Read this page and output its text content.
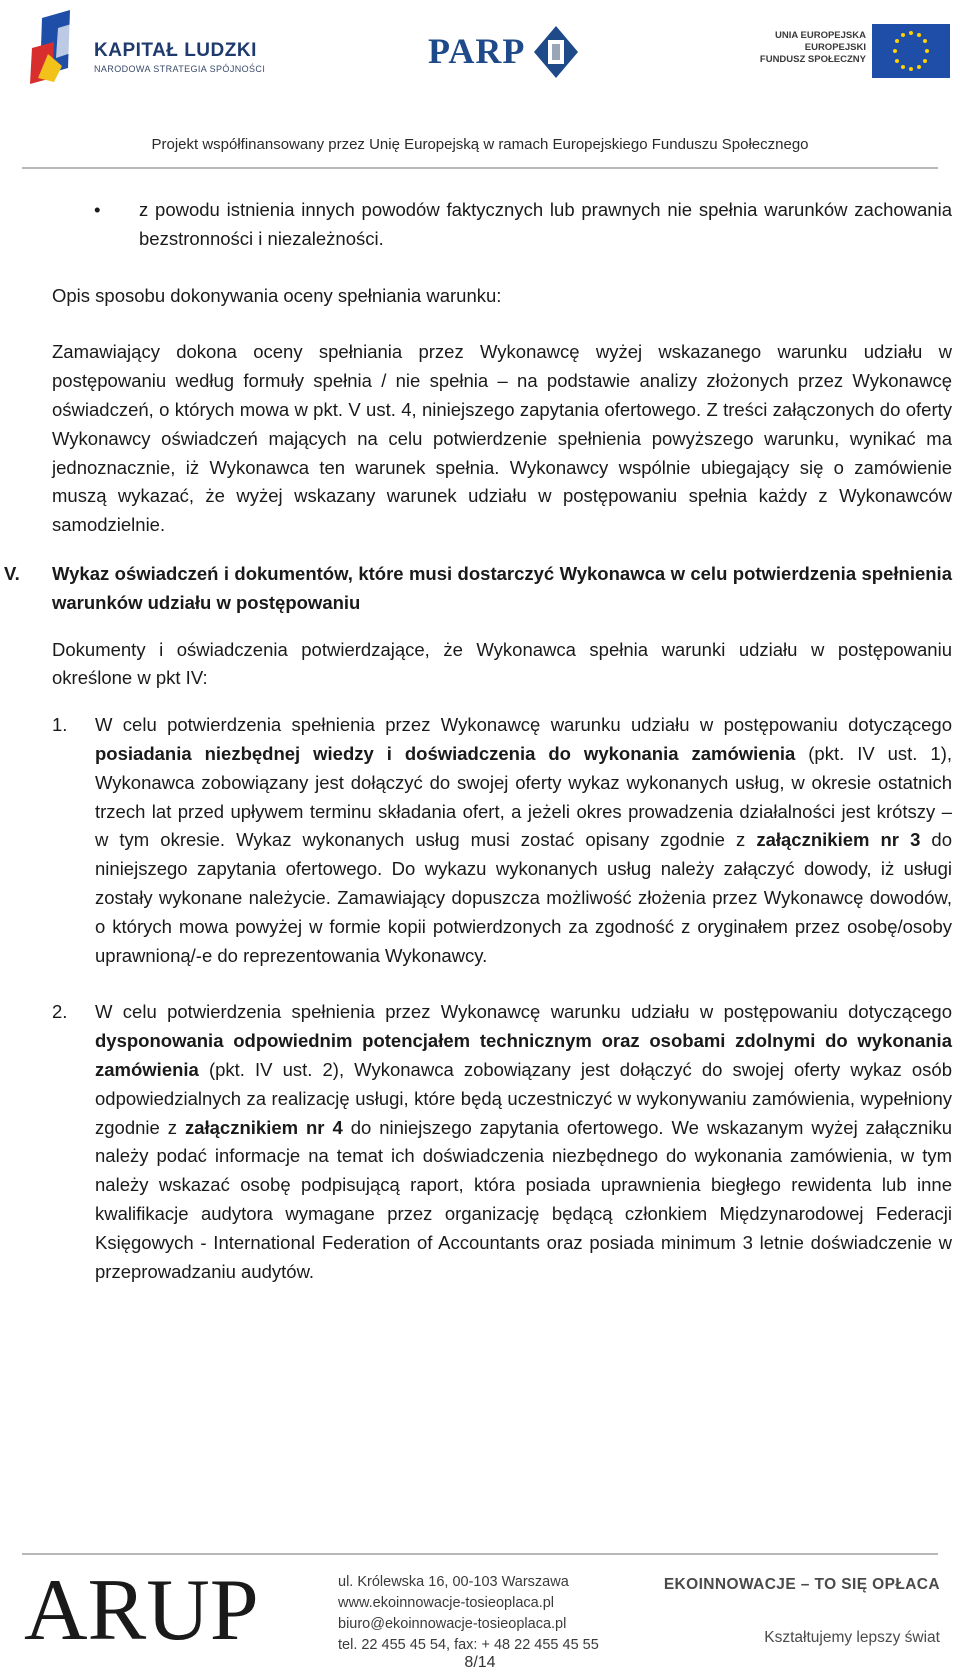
KAPITAŁ LUDZKI
NARODOWA STRATEGIA SPÓJNOŚCI	PARP	UNIA EUROPEJSKA
EUROPEJSKI
FUNDUSZ SPOŁECZNY
Projekt współfinansowany przez Unię Europejską w ramach Europejskiego Funduszu Społecznego
• z powodu istnienia innych powodów faktycznych lub prawnych nie spełnia warunków zachowania bezstronności i niezależności.

Opis sposobu dokonywania oceny spełniania warunku:

Zamawiający dokona oceny spełniania przez Wykonawcę wyżej wskazanego warunku udziału w postępowaniu według formuły spełnia / nie spełnia – na podstawie analizy złożonych przez Wykonawcę oświadczeń, o których mowa w pkt. V ust. 4, niniejszego zapytania ofertowego. Z treści załączonych do oferty Wykonawcy oświadczeń mających na celu potwierdzenie spełnienia powyższego warunku, wynikać ma jednoznacznie, iż Wykonawca ten warunek spełnia. Wykonawcy wspólnie ubiegający się o zamówienie muszą wykazać, że wyżej wskazany warunek udziału w postępowaniu spełnia każdy z Wykonawców samodzielnie.

V. Wykaz oświadczeń i dokumentów, które musi dostarczyć Wykonawca w celu potwierdzenia spełnienia warunków udziału w postępowaniu

Dokumenty i oświadczenia potwierdzające, że Wykonawca spełnia warunki udziału w postępowaniu określone w pkt IV:

1. W celu potwierdzenia spełnienia przez Wykonawcę warunku udziału w postępowaniu dotyczącego posiadania niezbędnej wiedzy i doświadczenia do wykonania zamówienia (pkt. IV ust. 1), Wykonawca zobowiązany jest dołączyć do swojej oferty wykaz wykonanych usług, w okresie ostatnich trzech lat przed upływem terminu składania ofert, a jeżeli okres prowadzenia działalności jest krótszy – w tym okresie. Wykaz wykonanych usług musi zostać opisany zgodnie z załącznikiem nr 3 do niniejszego zapytania ofertowego. Do wykazu wykonanych usług należy załączyć dowody, iż usługi zostały wykonane należycie. Zamawiający dopuszcza możliwość złożenia przez Wykonawcę dowodów, o których mowa powyżej w formie kopii potwierdzonych za zgodność z oryginałem przez osobę/osoby uprawnioną/-e do reprezentowania Wykonawcy.
2. W celu potwierdzenia spełnienia przez Wykonawcę warunku udziału w postępowaniu dotyczącego dysponowania odpowiednim potencjałem technicznym oraz osobami zdolnymi do wykonania zamówienia (pkt. IV ust. 2), Wykonawca zobowiązany jest dołączyć do swojej oferty wykaz osób odpowiedzialnych za realizację usługi, które będą uczestniczyć w wykonywaniu zamówienia, wypełniony zgodnie z załącznikiem nr 4 do niniejszego zapytania ofertowego. We wskazanym wyżej załączniku należy podać informacje na temat ich doświadczenia niezbędnego do wykonania zamówienia, w tym należy wskazać osobę podpisującą raport, która posiada uprawnienia biegłego rewidenta lub inne kwalifikacje audytora wymagane przez organizację będącą członkiem Międzynarodowej Federacji Księgowych - International Federation of Accountants oraz posiada minimum 3 letnie doświadczenie w przeprowadzaniu audytów.
ARUP	ul. Królewska 16, 00-103 Warszawa
www.ekoinnowacje-tosieoplaca.pl
biuro@ekoinnowacje-tosieoplaca.pl
tel. 22 455 45 54, fax: + 48 22 455 45 55
EKOINNOWACJE – TO SIĘ OPŁACA
Kształtujemy lepszy świat
8/14
